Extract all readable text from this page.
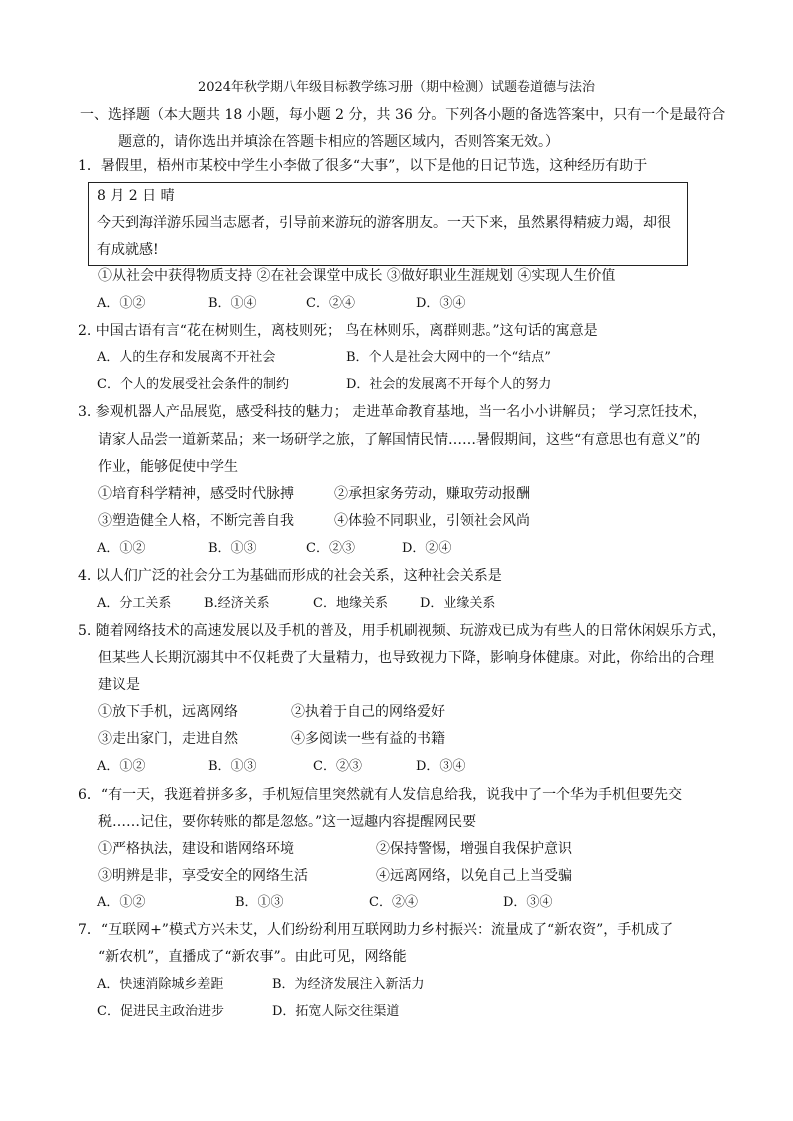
2024年秋学期八年级目标教学练习册（期中检测）试题卷道德与法治
一、选择题（本大题共 18 小题，每小题 2 分，共 36 分。下列各小题的备选答案中，只有一个是最符合
题意的，请你选出并填涂在答题卡相应的答题区域内，否则答案无效。）
1．暑假里，梧州市某校中学生小李做了很多“大事”，以下是他的日记节选，这种经历有助于
8 月 2 日 晴
今天到海洋游乐园当志愿者，引导前来游玩的游客朋友。一天下来，虽然累得精疲力竭，却很
有成就感!
①从社会中获得物质支持 ②在社会课堂中成长 ③做好职业生涯规划 ④实现人生价值
A．①②	B．①④	C．②④	D．③④
2. 中国古语有言“花在树则生，离枝则死； 鸟在林则乐，离群则悲。”这句话的寓意是
A．人的生存和发展离不开社会	B．个人是社会大网中的一个“结点”
C．个人的发展受社会条件的制约	D．社会的发展离不开每个人的努力
3. 参观机器人产品展览，感受科技的魅力； 走进革命教育基地，当一名小小讲解员； 学习烹饪技术，
请家人品尝一道新菜品；来一场研学之旅，了解国情民情……暑假期间，这些“有意思也有意义”的
作业，能够促使中学生
①培育科学精神，感受时代脉搏	②承担家务劳动，赚取劳动报酬
③塑造健全人格，不断完善自我	④体验不同职业，引领社会风尚
A．①②	B．①③	C．②③	D．②④
4. 以人们广泛的社会分工为基础而形成的社会关系，这种社会关系是
A．分工关系	B.经济关系	C．地缘关系 D．业缘关系
5. 随着网络技术的高速发展以及手机的普及，用手机刷视频、玩游戏已成为有些人的日常休闲娱乐方式，
但某些人长期沉溺其中不仅耗费了大量精力，也导致视力下降，影响身体健康。对此，你给出的合理
建议是
①放下手机，远离网络	②执着于自己的网络爱好
③走出家门，走进自然	④多阅读一些有益的书籍
A．①②	B．①③	C．②③	D．③④
6．“有一天，我逛着拼多多，手机短信里突然就有人发信息给我，说我中了一个华为手机但要先交
税……记住，要你转账的都是忽悠。”这一逗趣内容提醒网民要
①严格执法，建设和谐网络环境	②保持警惕，增强自我保护意识
③明辨是非，享受安全的网络生活	④远离网络，以免自己上当受骗
A．①②	B．①③	C．②④	D．③④
7．“互联网+”模式方兴未艾，人们纷纷利用互联网助力乡村振兴：流量成了“新农资”，手机成了
“新农机”，直播成了“新农事”。由此可见，网络能
A．快速消除城乡差距	B．为经济发展注入新活力
C．促进民主政治进步	D．拓宽人际交往渠道
